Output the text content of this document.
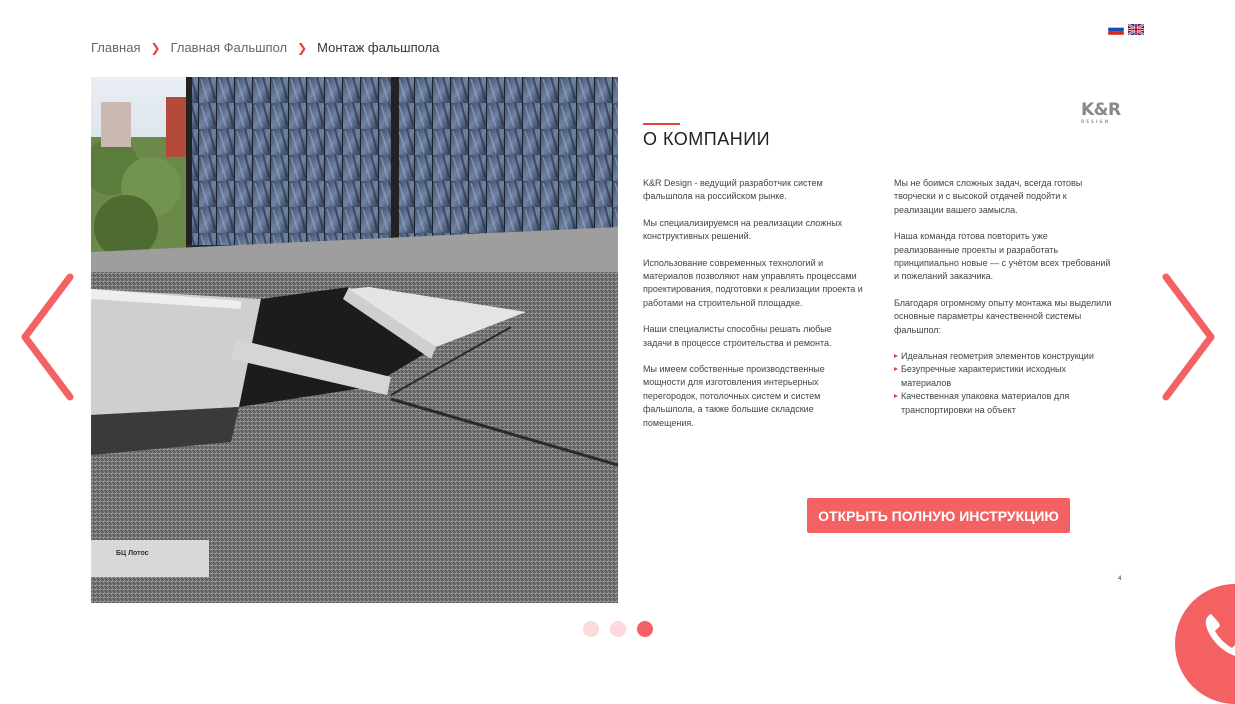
Главная ❯ Главная Фальшпол ❯ Монтаж фальшпола
БЦ Лотос
K&R
DESIGN
О КОМПАНИИ

K&R Design - ведущий разработчик систем фальшпола на российском рынке.

Мы специализируемся на реализации сложных конструктивных решений.

Использование современных технологий и материалов позволяют нам управлять процессами проектирования, подготовки к реализации проекта и работами на строительной площадке.

Наши специалисты способны решать любые задачи в процессе строительства и ремонта.

Мы имеем собственные производственные мощности для изготовления интерьерных перегородок, потолочных систем и систем фальшпола, а также большие складские помещения.

Мы не боимся сложных задач, всегда готовы творчески и с высокой отдачей подойти к реализации вашего замысла.

Наша команда готова повторить уже реализованные проекты и разработать принципиально новые — с учётом всех требований и пожеланий заказчика.

Благодаря огромному опыту монтажа мы выделили основные параметры качественной системы фальшпол:

Идеальная геометрия элементов конструкции
Безупречные характеристики исходных материалов
Качественная упаковка материалов для транспортировки на объект
ОТКРЫТЬ ПОЛНУЮ ИНСТРУКЦИЮ
4
